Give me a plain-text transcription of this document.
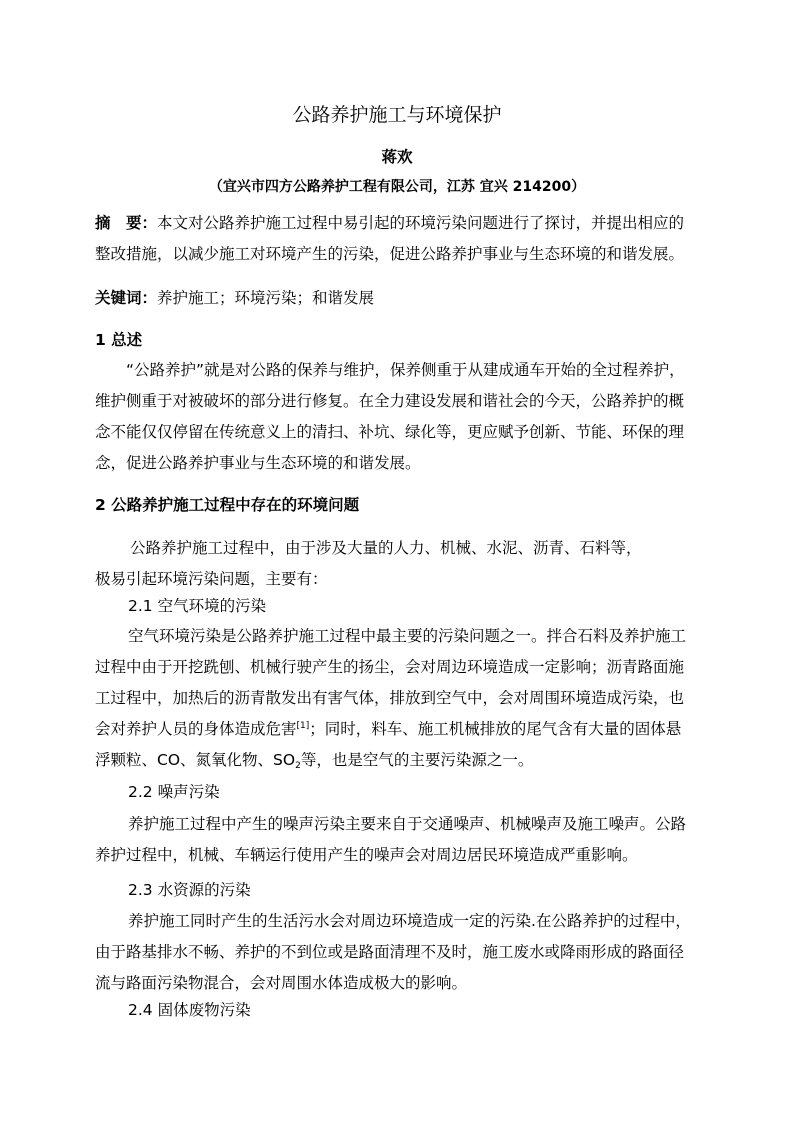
公路养护施工与环境保护
蒋欢
（宜兴市四方公路养护工程有限公司，江苏 宜兴 214200）
摘　要：本文对公路养护施工过程中易引起的环境污染问题进行了探讨，并提出相应的
整改措施，以减少施工对环境产生的污染，促进公路养护事业与生态环境的和谐发展。
关键词：养护施工；环境污染；和谐发展
1 总述
“公路养护”就是对公路的保养与维护，保养侧重于从建成通车开始的全过程养护，
维护侧重于对被破坏的部分进行修复。在全力建设发展和谐社会的今天，公路养护的概
念不能仅仅停留在传统意义上的清扫、补坑、绿化等，更应赋予创新、节能、环保的理
念，促进公路养护事业与生态环境的和谐发展。
2 公路养护施工过程中存在的环境问题
公路养护施工过程中，由于涉及大量的人力、机械、水泥、沥青、石料等，
极易引起环境污染问题，主要有：
2.1 空气环境的污染
空气环境污染是公路养护施工过程中最主要的污染问题之一。拌合石料及养护施工
过程中由于开挖跣刨、机械行驶产生的扬尘，会对周边环境造成一定影响；沥青路面施
工过程中，加热后的沥青散发出有害气体，排放到空气中，会对周围环境造成污染，也
会对养护人员的身体造成危害[1]；同时，料车、施工机械排放的尾气含有大量的固体悬
浮颗粒、CO、氮氧化物、$SO_2$等，也是空气的主要污染源之一。
2.2 噪声污染
养护施工过程中产生的噪声污染主要来自于交通噪声、机械噪声及施工噪声。公路
养护过程中，机械、车辆运行使用产生的噪声会对周边居民环境造成严重影响。
2.3 水资源的污染
养护施工同时产生的生活污水会对周边环境造成一定的污染.在公路养护的过程中，
由于路基排水不畅、养护的不到位或是路面清理不及时，施工废水或降雨形成的路面径
流与路面污染物混合，会对周围水体造成极大的影响。
2.4 固体废物污染
